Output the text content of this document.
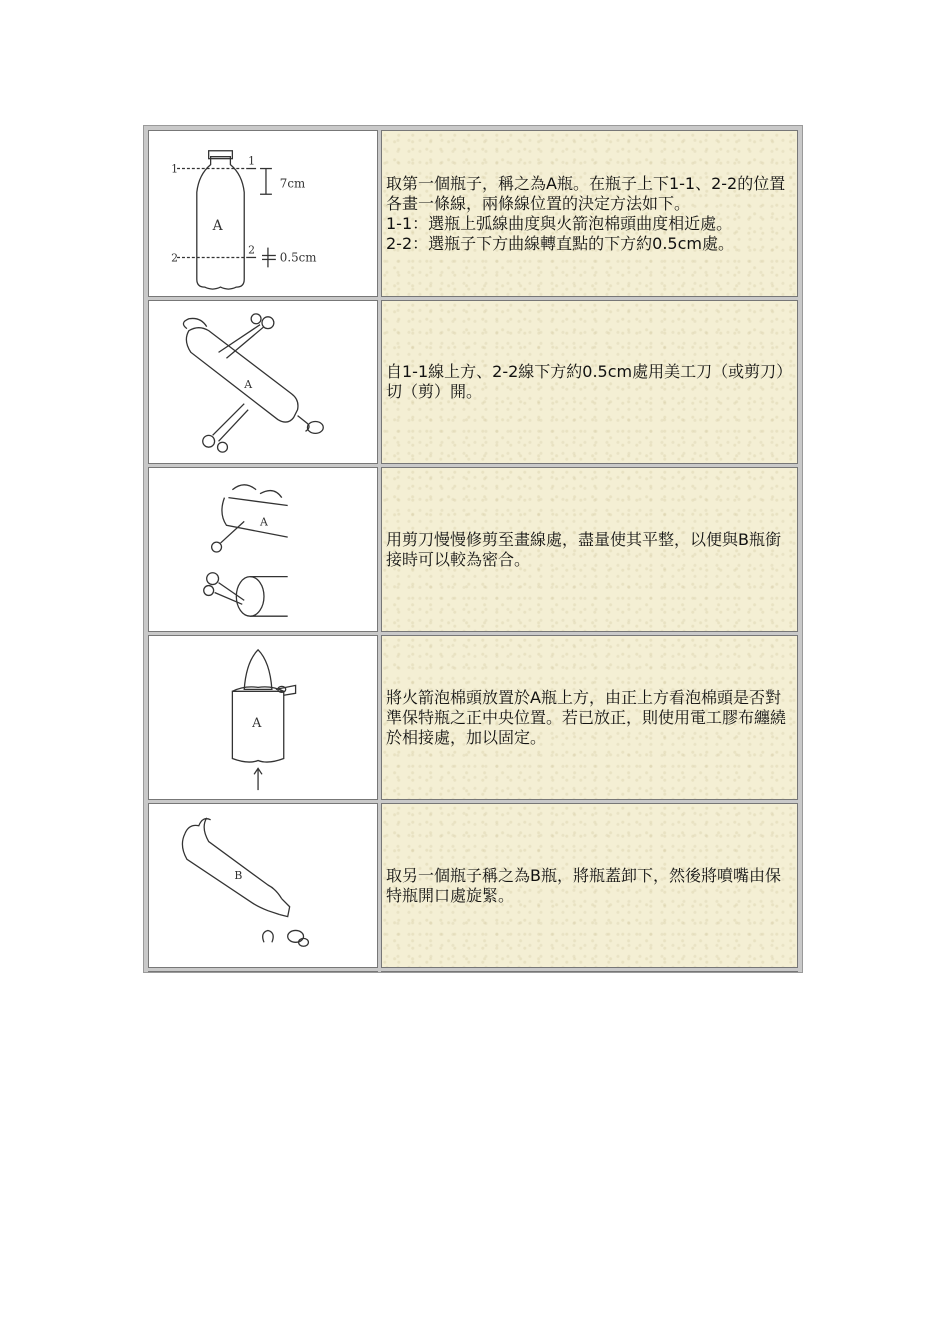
1
1
2
2
7cm
0.5cm
A

取第一個瓶子，稱之為A瓶。在瓶子上下1-1、2-2的位置各畫一條線，兩條線位置的決定方法如下。

1-1：選瓶上弧線曲度與火箭泡棉頭曲度相近處。

2-2：選瓶子下方曲線轉直點的下方約0.5cm處。

A

自1-1線上方、2-2線下方約0.5cm處用美工刀（或剪刀）切（剪）開。

A

用剪刀慢慢修剪至畫線處，盡量使其平整，以便與B瓶銜接時可以較為密合。

A

將火箭泡棉頭放置於A瓶上方，由正上方看泡棉頭是否對準保特瓶之正中央位置。若已放正，則使用電工膠布纏繞於相接處，加以固定。

B	取另一個瓶子稱之為B瓶，將瓶蓋卸下，然後將噴嘴由保特瓶開口處旋緊。
